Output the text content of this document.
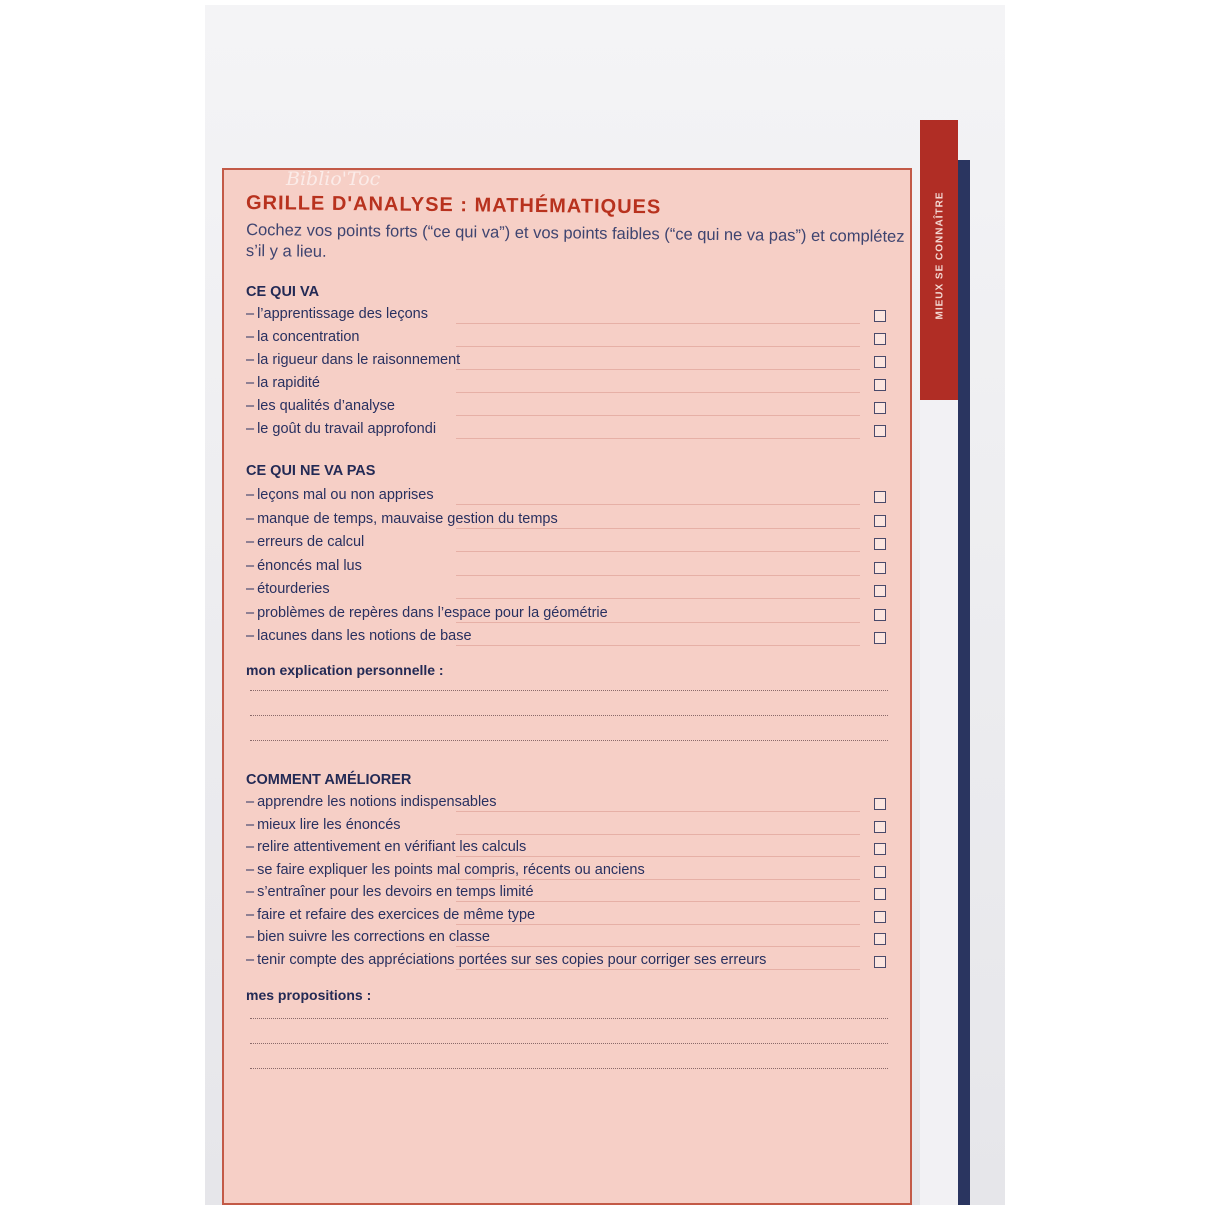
MIEUX SE CONNAÎTRE
Biblio'Toc
GRILLE D'ANALYSE : MATHÉMATIQUES

Cochez vos points forts (“ce qui va”) et vos points faibles (“ce qui ne va pas”) et complétez s’il y a lieu.

CE QUI VA
– l’apprentissage des leçons
– la concentration
– la rigueur dans le raisonnement
– la rapidité
– les qualités d’analyse
– le goût du travail approfondi
CE QUI NE VA PAS
– leçons mal ou non apprises
– manque de temps, mauvaise gestion du temps
– erreurs de calcul
– énoncés mal lus
– étourderies
– problèmes de repères dans l’espace pour la géométrie
– lacunes dans les notions de base
mon explication personnelle :
COMMENT AMÉLIORER
– apprendre les notions indispensables
– mieux lire les énoncés
– relire attentivement en vérifiant les calculs
– se faire expliquer les points mal compris, récents ou anciens
– s’entraîner pour les devoirs en temps limité
– faire et refaire des exercices de même type
– bien suivre les corrections en classe
– tenir compte des appréciations portées sur ses copies pour corriger ses erreurs
mes propositions :
